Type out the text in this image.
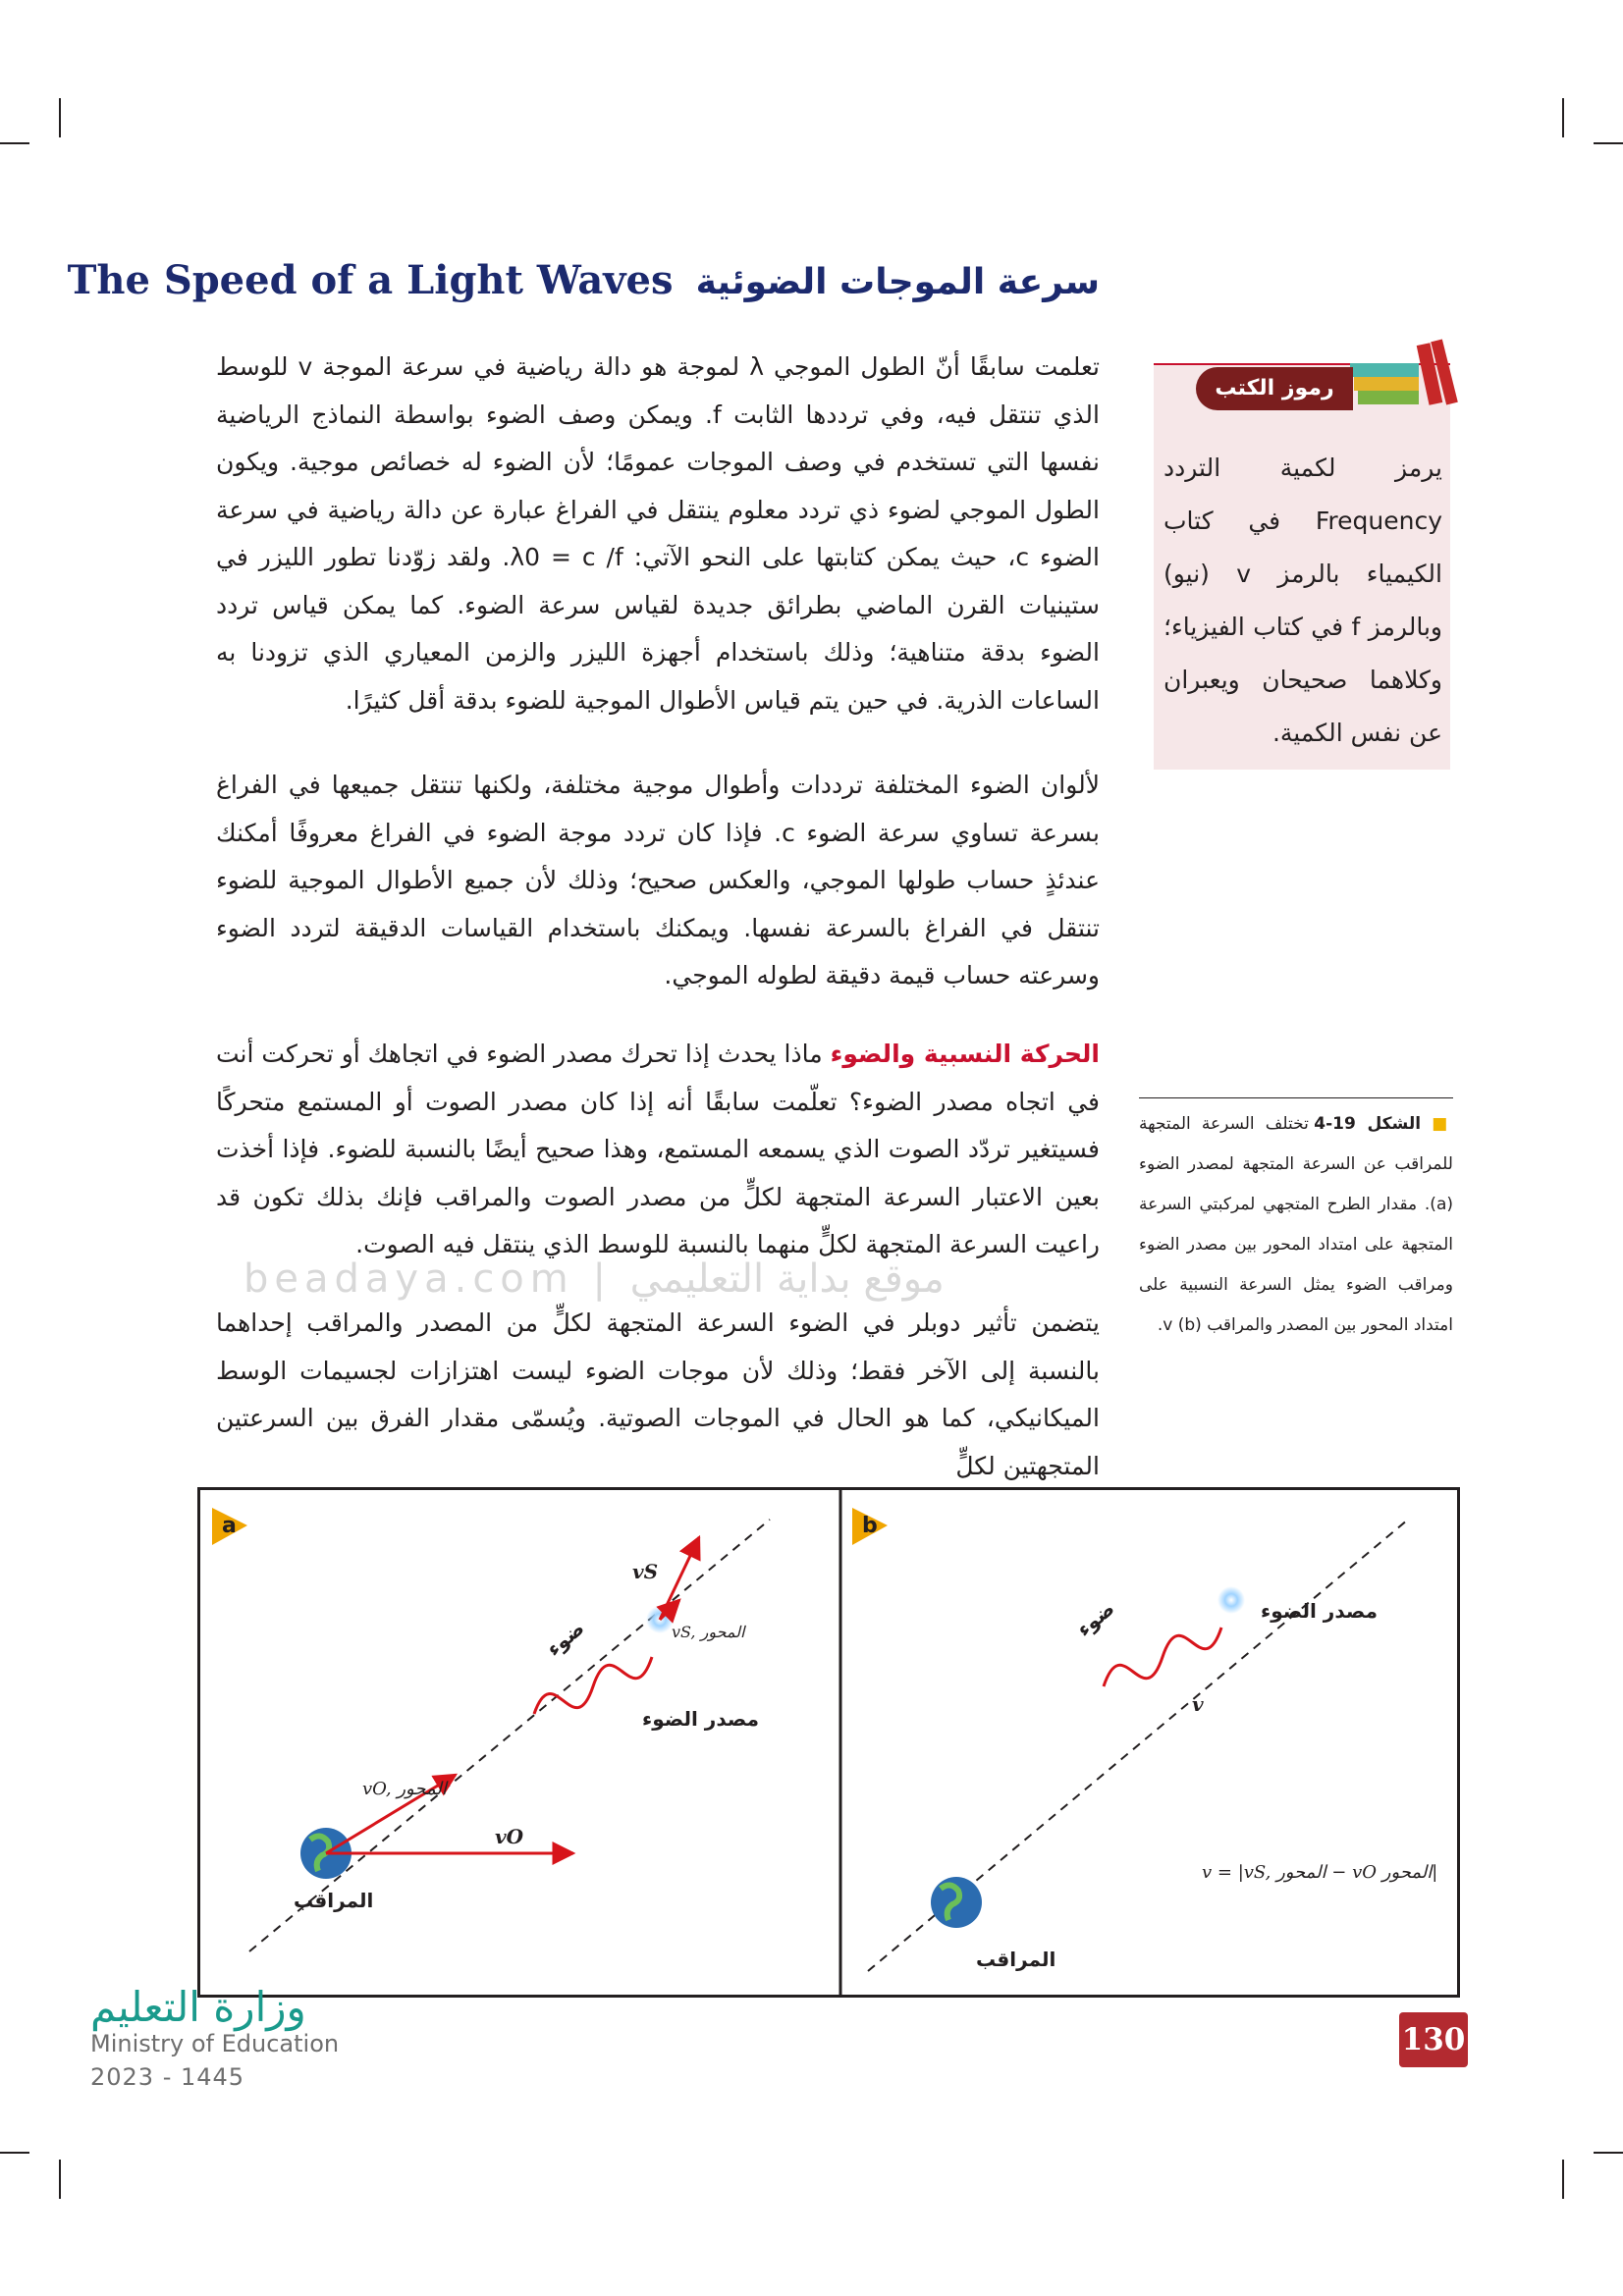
سرعة الموجات الضوئية The Speed of a Light Waves

تعلمت سابقًا أنّ الطول الموجي λ لموجة هو دالة رياضية في سرعة الموجة v للوسط الذي تنتقل فيه، وفي ترددها الثابت f. ويمكن وصف الضوء بواسطة النماذج الرياضية نفسها التي تستخدم في وصف الموجات عمومًا؛ لأن الضوء له خصائص موجية. ويكون الطول الموجي لضوء ذي تردد معلوم ينتقل في الفراغ عبارة عن دالة رياضية في سرعة الضوء c، حيث يمكن كتابتها على النحو الآتي: λ0 = c /f. ولقد زوّدنا تطور الليزر في ستينيات القرن الماضي بطرائق جديدة لقياس سرعة الضوء. كما يمكن قياس تردد الضوء بدقة متناهية؛ وذلك باستخدام أجهزة الليزر والزمن المعياري الذي تزودنا به الساعات الذرية. في حين يتم قياس الأطوال الموجية للضوء بدقة أقل كثيرًا.

لألوان الضوء المختلفة ترددات وأطوال موجية مختلفة، ولكنها تنتقل جميعها في الفراغ بسرعة تساوي سرعة الضوء c. فإذا كان تردد موجة الضوء في الفراغ معروفًا أمكنك عندئذٍ حساب طولها الموجي، والعكس صحيح؛ وذلك لأن جميع الأطوال الموجية للضوء تنتقل في الفراغ بالسرعة نفسها. ويمكنك باستخدام القياسات الدقيقة لتردد الضوء وسرعته حساب قيمة دقيقة لطوله الموجي.

الحركة النسبية والضوء ماذا يحدث إذا تحرك مصدر الضوء في اتجاهك أو تحركت أنت في اتجاه مصدر الضوء؟ تعلّمت سابقًا أنه إذا كان مصدر الصوت أو المستمع متحركًا فسيتغير تردّد الصوت الذي يسمعه المستمع، وهذا صحيح أيضًا بالنسبة للضوء. فإذا أخذت بعين الاعتبار السرعة المتجهة لكلٍّ من مصدر الصوت والمراقب فإنك بذلك تكون قد راعيت السرعة المتجهة لكلٍّ منهما بالنسبة للوسط الذي ينتقل فيه الصوت.

يتضمن تأثير دوبلر في الضوء السرعة المتجهة لكلٍّ من المصدر والمراقب إحداهما بالنسبة إلى الآخر فقط؛ وذلك لأن موجات الضوء ليست اهتزازات لجسيمات الوسط الميكانيكي، كما هو الحال في الموجات الصوتية. ويُسمّى مقدار الفرق بين السرعتين المتجهتين لكلٍّ

beadaya.com | موقع بداية التعليمي
رموز الكتب
يرمز لكمية التردد Frequency في كتاب الكيمياء بالرمز v (نيو) وبالرمز f في كتاب الفيزياء؛ وكلاهما صحيحان ويعبران عن نفس الكمية.
■ الشكل 19-4 تختلف السرعة المتجهة للمراقب عن السرعة المتجهة لمصدر الضوء (a). مقدار الطرح المتجهي لمركبتي السرعة المتجهة على امتداد المحور بين مصدر الضوء ومراقب الضوء يمثل السرعة النسبية على امتداد المحور بين المصدر والمراقب v (b).
a
vS
vS, المحور
ضوء
مصدر الضوء
vO, المحور
vO
المراقب
b
ضوء	مصدر الضوء
v
المراقب
v = |vS, المحور − vO المحور|
وزارة التعليم
Ministry of Education
2023 - 1445
130
